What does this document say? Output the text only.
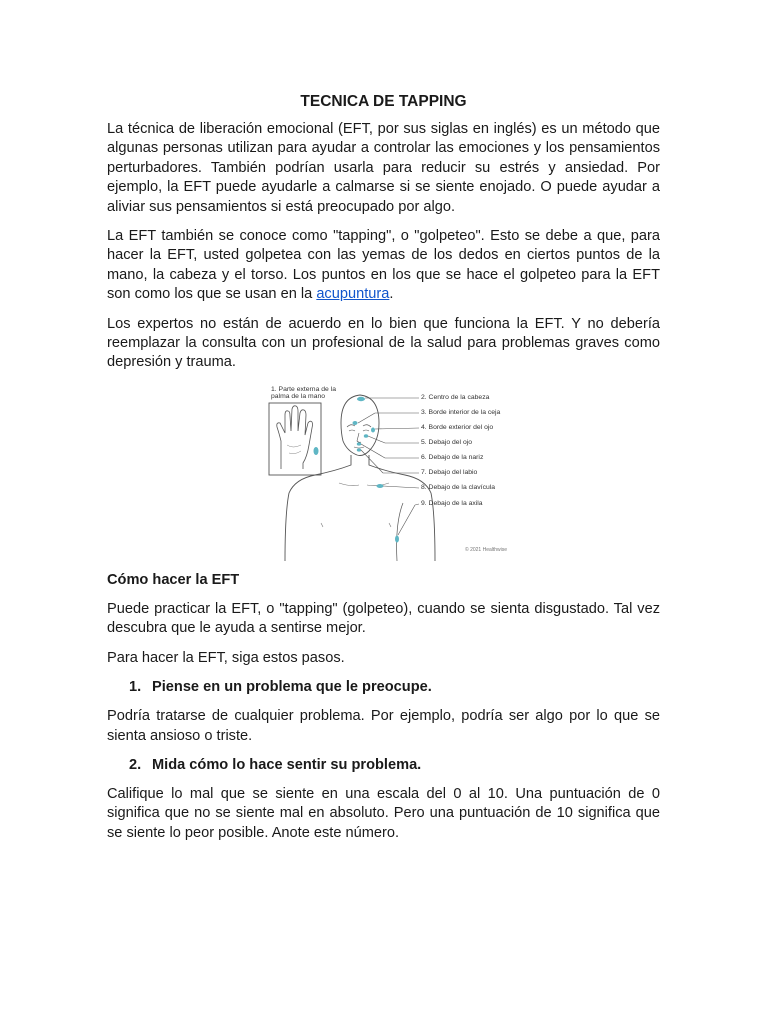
TECNICA DE TAPPING

La técnica de liberación emocional (EFT, por sus siglas en inglés) es un método que algunas personas utilizan para ayudar a controlar las emociones y los pensamientos perturbadores. También podrían usarla para reducir su estrés y ansiedad. Por ejemplo, la EFT puede ayudarle a calmarse si se siente enojado. O puede ayudar a aliviar sus pensamientos si está preocupado por algo.

La EFT también se conoce como "tapping", o "golpeteo". Esto se debe a que, para hacer la EFT, usted golpetea con las yemas de los dedos en ciertos puntos de la mano, la cabeza y el torso. Los puntos en los que se hace el golpeteo para la EFT son como los que se usan en la acupuntura.

Los expertos no están de acuerdo en lo bien que funciona la EFT. Y no debería reemplazar la consulta con un profesional de la salud para problemas graves como depresión y trauma.

1. Parte externa de la
palma de la mano	2. Centro de la cabeza
3. Borde interior de la ceja
4. Borde exterior del ojo
5. Debajo del ojo
6. Debajo de la nariz
7. Debajo del labio
8. Debajo de la clavícula
9. Debajo de la axila
© 2021 Healthwise
Cómo hacer la EFT

Puede practicar la EFT, o "tapping" (golpeteo), cuando se sienta disgustado. Tal vez descubra que le ayuda a sentirse mejor.

Para hacer la EFT, siga estos pasos.

1. Piense en un problema que le preocupe.

Podría tratarse de cualquier problema. Por ejemplo, podría ser algo por lo que se sienta ansioso o triste.

2. Mida cómo lo hace sentir su problema.

Califique lo mal que se siente en una escala del 0 al 10. Una puntuación de 0 significa que no se siente mal en absoluto. Pero una puntuación de 10 significa que se siente lo peor posible. Anote este número.
